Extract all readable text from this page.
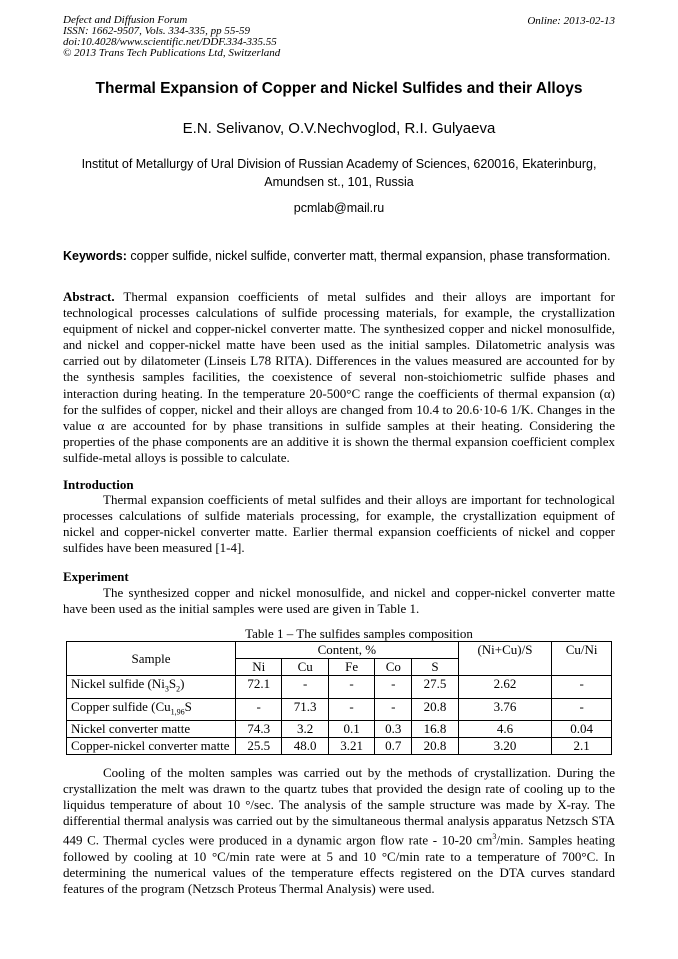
Defect and Diffusion Forum
ISSN: 1662-9507, Vols. 334-335, pp 55-59
doi:10.4028/www.scientific.net/DDF.334-335.55
© 2013 Trans Tech Publications Ltd, Switzerland
Online: 2013-02-13
Thermal Expansion of Copper and Nickel Sulfides and their Alloys
E.N. Selivanov, O.V.Nechvoglod, R.I. Gulyaeva
Institut of Metallurgy of Ural Division of Russian Academy of Sciences, 620016, Ekaterinburg, Amundsen st., 101, Russia
pcmlab@mail.ru
Keywords: copper sulfide, nickel sulfide, converter matt, thermal expansion, phase transformation.
Abstract. Thermal expansion coefficients of metal sulfides and their alloys are important for technological processes calculations of sulfide processing materials, for example, the crystallization equipment of nickel and copper-nickel converter matte. The synthesized copper and nickel monosulfide, and nickel and copper-nickel matte have been used as the initial samples. Dilatometric analysis was carried out by dilatometer (Linseis L78 RITA). Differences in the values measured are accounted for by the synthesis samples facilities, the coexistence of several non-stoichiometric sulfide phases and interaction during heating. In the temperature 20-500°C range the coefficients of thermal expansion (α) for the sulfides of copper, nickel and their alloys are changed from 10.4 to 20.6·10-6 1/K. Changes in the value α are accounted for by phase transitions in sulfide samples at their heating. Considering the properties of the phase components are an additive it is shown the thermal expansion coefficient complex sulfide-metal alloys is possible to calculate.
Introduction
Thermal expansion coefficients of metal sulfides and their alloys are important for technological processes calculations of sulfide materials processing, for example, the crystallization equipment of nickel and copper-nickel converter matte. Earlier thermal expansion coefficients of nickel and copper sulfides have been measured [1-4].
Experiment
The synthesized copper and nickel monosulfide, and nickel and copper-nickel converter matte have been used as the initial samples were used are given in Table 1.
Table 1 – The sulfides samples composition
Sample	Content, %					(Ni+Cu)/S	Cu/Ni
	Ni	Cu	Fe	Co	S		
Nickel sulfide $(Ni_3S_2)$	72.1	-	-	-	27.5	2.62	-
Copper sulfide ($Cu_{1,96}S$	-	71.3	-	-	20.8	3.76	-
Nickel converter matte	74.3	3.2	0.1	0.3	16.8	4.6	0.04
Copper-nickel converter matte	25.5	48.0	3.21	0.7	20.8	3.20	2.1
Cooling of the molten samples was carried out by the methods of crystallization. During the crystallization the melt was drawn to the quartz tubes that provided the design rate of cooling up to the liquidus temperature of about 10 °/sec. The analysis of the sample structure was made by X-ray. The differential thermal analysis was carried out by the simultaneous thermal analysis apparatus Netzsch STA 449 C. Thermal cycles were produced in a dynamic argon flow rate - 10-20 $cm^3/\min$. Samples heating followed by cooling at 10 °C/min rate were at 5 and 10 °C/min rate to a temperature of 700°C. In determining the numerical values of the temperature effects registered on the DTA curves standard features of the program (Netzsch Proteus Thermal Analysis) were used.
